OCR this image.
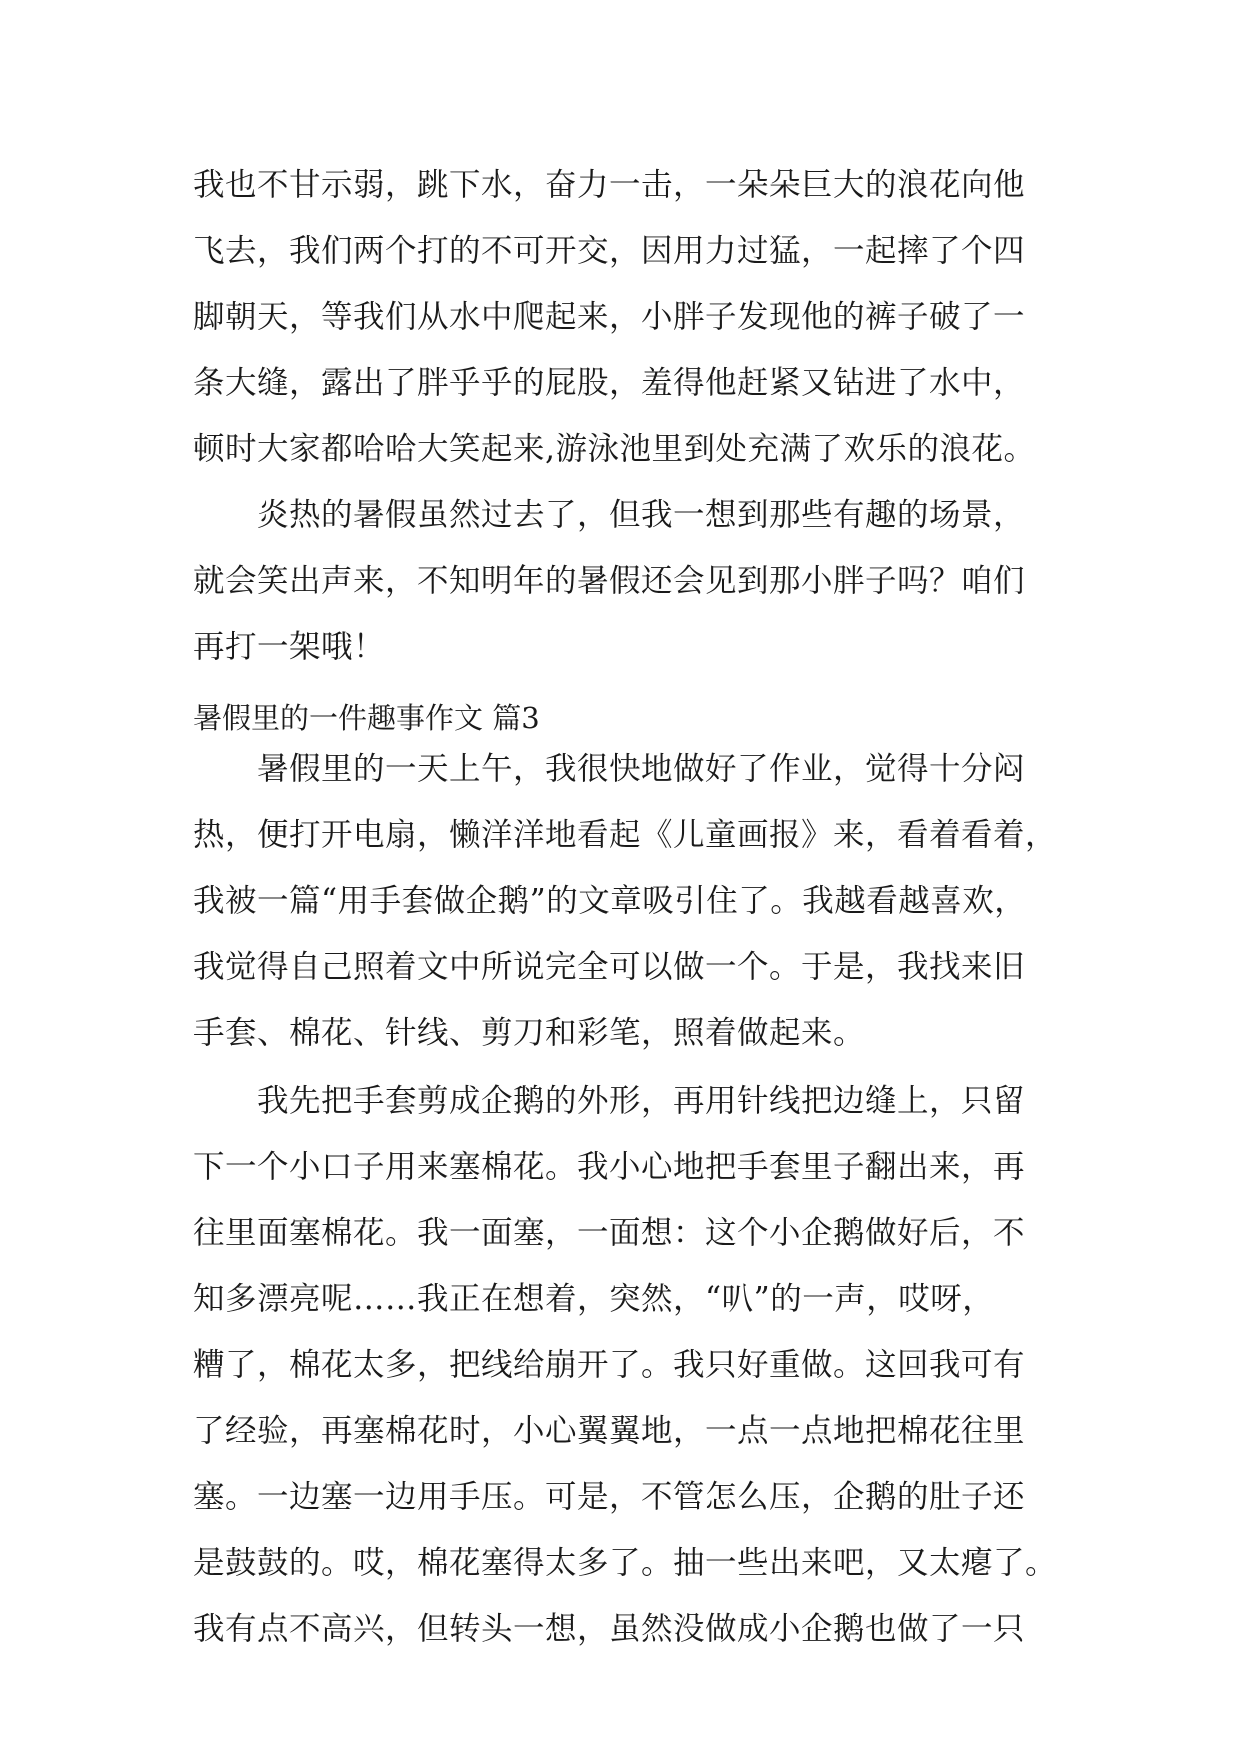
我也不甘示弱，跳下水，奋力一击，一朵朵巨大的浪花向他
飞去，我们两个打的不可开交，因用力过猛，一起摔了个四
脚朝天，等我们从水中爬起来，小胖子发现他的裤子破了一
条大缝，露出了胖乎乎的屁股，羞得他赶紧又钻进了水中，
顿时大家都哈哈大笑起来,游泳池里到处充满了欢乐的浪花。
炎热的暑假虽然过去了，但我一想到那些有趣的场景，
就会笑出声来，不知明年的暑假还会见到那小胖子吗？咱们
再打一架哦！
暑假里的一件趣事作文 篇3
暑假里的一天上午，我很快地做好了作业，觉得十分闷
热，便打开电扇，懒洋洋地看起《儿童画报》来，看着看着，
我被一篇“用手套做企鹅”的文章吸引住了。我越看越喜欢，
我觉得自己照着文中所说完全可以做一个。于是，我找来旧
手套、棉花、针线、剪刀和彩笔，照着做起来。
我先把手套剪成企鹅的外形，再用针线把边缝上，只留
下一个小口子用来塞棉花。我小心地把手套里子翻出来，再
往里面塞棉花。我一面塞，一面想：这个小企鹅做好后，不
知多漂亮呢……我正在想着，突然，“叭”的一声，哎呀，
糟了，棉花太多，把线给崩开了。我只好重做。这回我可有
了经验，再塞棉花时，小心翼翼地，一点一点地把棉花往里
塞。一边塞一边用手压。可是，不管怎么压，企鹅的肚子还
是鼓鼓的。哎，棉花塞得太多了。抽一些出来吧，又太瘪了。
我有点不高兴，但转头一想，虽然没做成小企鹅也做了一只
